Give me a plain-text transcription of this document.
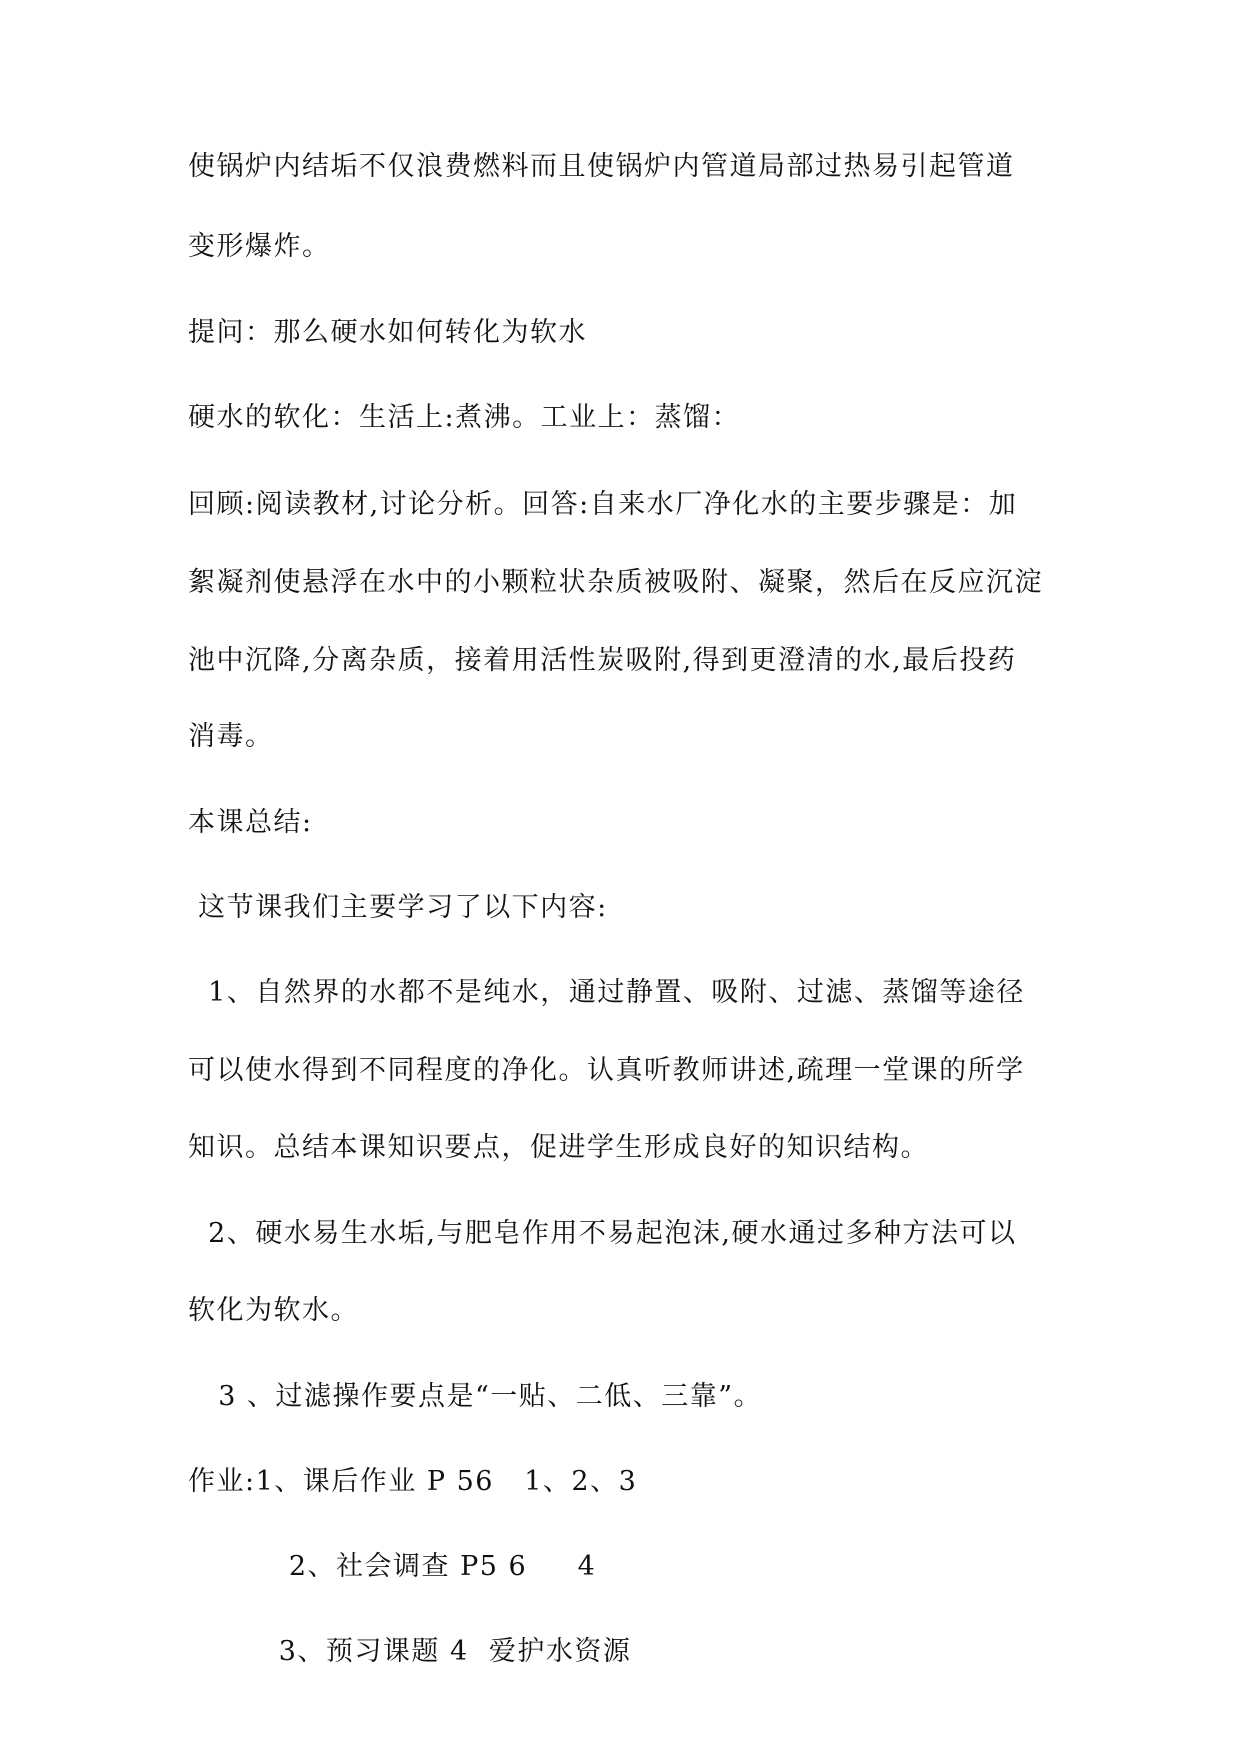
使锅炉内结垢不仅浪费燃料而且使锅炉内管道局部过热易引起管道
变形爆炸。
提问：那么硬水如何转化为软水
硬水的软化：生活上:煮沸。工业上：蒸馏：
回顾:阅读教材,讨论分析。回答:自来水厂净化水的主要步骤是：加
絮凝剂使悬浮在水中的小颗粒状杂质被吸附、凝聚，然后在反应沉淀
池中沉降,分离杂质，接着用活性炭吸附,得到更澄清的水,最后投药
消毒。
本课总结:
这节课我们主要学习了以下内容:
1、自然界的水都不是纯水，通过静置、吸附、过滤、蒸馏等途径
可以使水得到不同程度的净化。认真听教师讲述,疏理一堂课的所学
知识。总结本课知识要点，促进学生形成良好的知识结构。
2、硬水易生水垢,与肥皂作用不易起泡沫,硬水通过多种方法可以
软化为软水。
3 、过滤操作要点是“一贴、二低、三靠”。
作业:1、课后作业 P 56   1、2、3
2、社会调查 P5 6     4
3、预习课题 4  爱护水资源
